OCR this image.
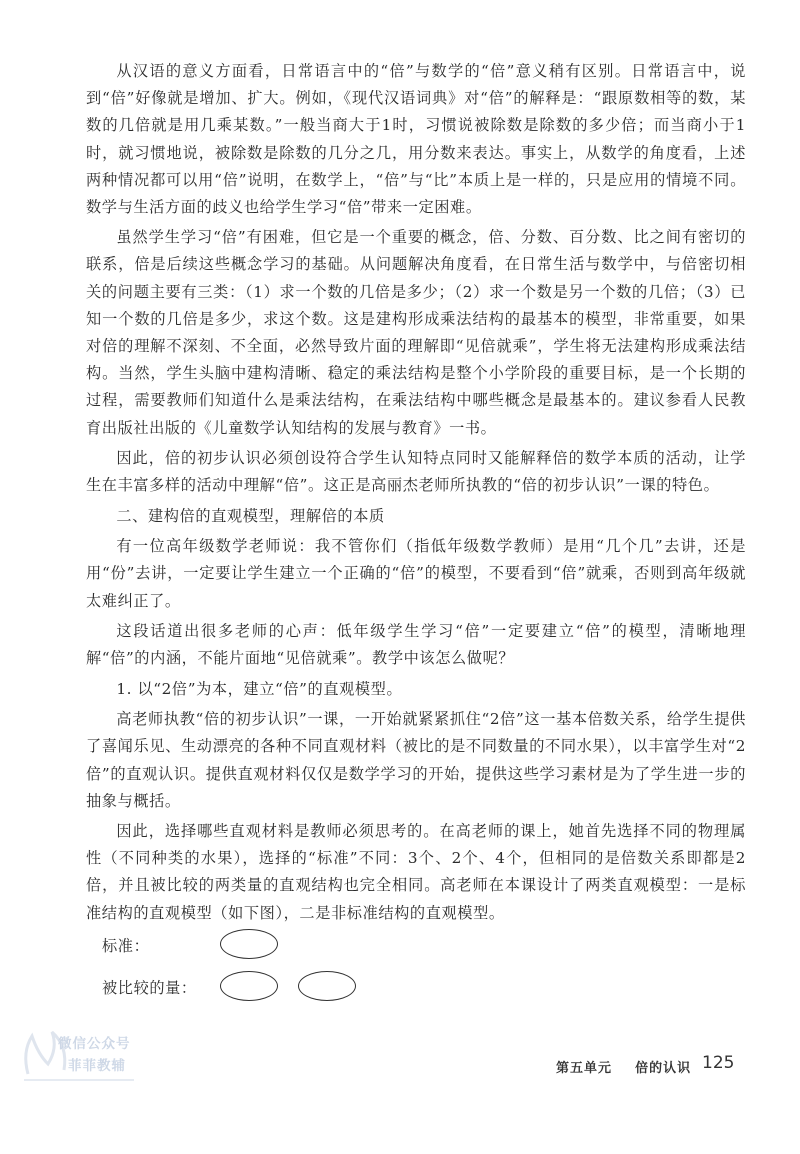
从汉语的意义方面看，日常语言中的“倍”与数学的“倍”意义稍有区别。日常语言中，说到“倍”好像就是增加、扩大。例如，《现代汉语词典》对“倍”的解释是：“跟原数相等的数，某数的几倍就是用几乘某数。”一般当商大于1时，习惯说被除数是除数的多少倍；而当商小于1时，就习惯地说，被除数是除数的几分之几，用分数来表达。事实上，从数学的角度看，上述两种情况都可以用“倍”说明，在数学上，“倍”与“比”本质上是一样的，只是应用的情境不同。数学与生活方面的歧义也给学生学习“倍”带来一定困难。

虽然学生学习“倍”有困难，但它是一个重要的概念，倍、分数、百分数、比之间有密切的联系，倍是后续这些概念学习的基础。从问题解决角度看，在日常生活与数学中，与倍密切相关的问题主要有三类：（1）求一个数的几倍是多少；（2）求一个数是另一个数的几倍；（3）已知一个数的几倍是多少，求这个数。这是建构形成乘法结构的最基本的模型，非常重要，如果对倍的理解不深刻、不全面，必然导致片面的理解即“见倍就乘”，学生将无法建构形成乘法结构。当然，学生头脑中建构清晰、稳定的乘法结构是整个小学阶段的重要目标，是一个长期的过程，需要教师们知道什么是乘法结构，在乘法结构中哪些概念是最基本的。建议参看人民教育出版社出版的《儿童数学认知结构的发展与教育》一书。

因此，倍的初步认识必须创设符合学生认知特点同时又能解释倍的数学本质的活动，让学生在丰富多样的活动中理解“倍”。这正是高丽杰老师所执教的“倍的初步认识”一课的特色。

二、建构倍的直观模型，理解倍的本质

有一位高年级数学老师说：我不管你们（指低年级数学教师）是用“几个几”去讲，还是用“份”去讲，一定要让学生建立一个正确的“倍”的模型，不要看到“倍”就乘，否则到高年级就太难纠正了。

这段话道出很多老师的心声：低年级学生学习“倍”一定要建立“倍”的模型，清晰地理解“倍”的内涵，不能片面地“见倍就乘”。教学中该怎么做呢？

1. 以“2倍”为本，建立“倍”的直观模型。

高老师执教“倍的初步认识”一课，一开始就紧紧抓住“2倍”这一基本倍数关系，给学生提供了喜闻乐见、生动漂亮的各种不同直观材料（被比的是不同数量的不同水果），以丰富学生对“2倍”的直观认识。提供直观材料仅仅是数学学习的开始，提供这些学习素材是为了学生进一步的抽象与概括。

因此，选择哪些直观材料是教师必须思考的。在高老师的课上，她首先选择不同的物理属性（不同种类的水果），选择的“标准”不同：3个、2个、4个，但相同的是倍数关系即都是2倍，并且被比较的两类量的直观结构也完全相同。高老师在本课设计了两类直观模型：一是标准结构的直观模型（如下图），二是非标准结构的直观模型。

标准：
被比较的量：
微信公众号
菲菲教辅	第五单元 倍的认识 125
